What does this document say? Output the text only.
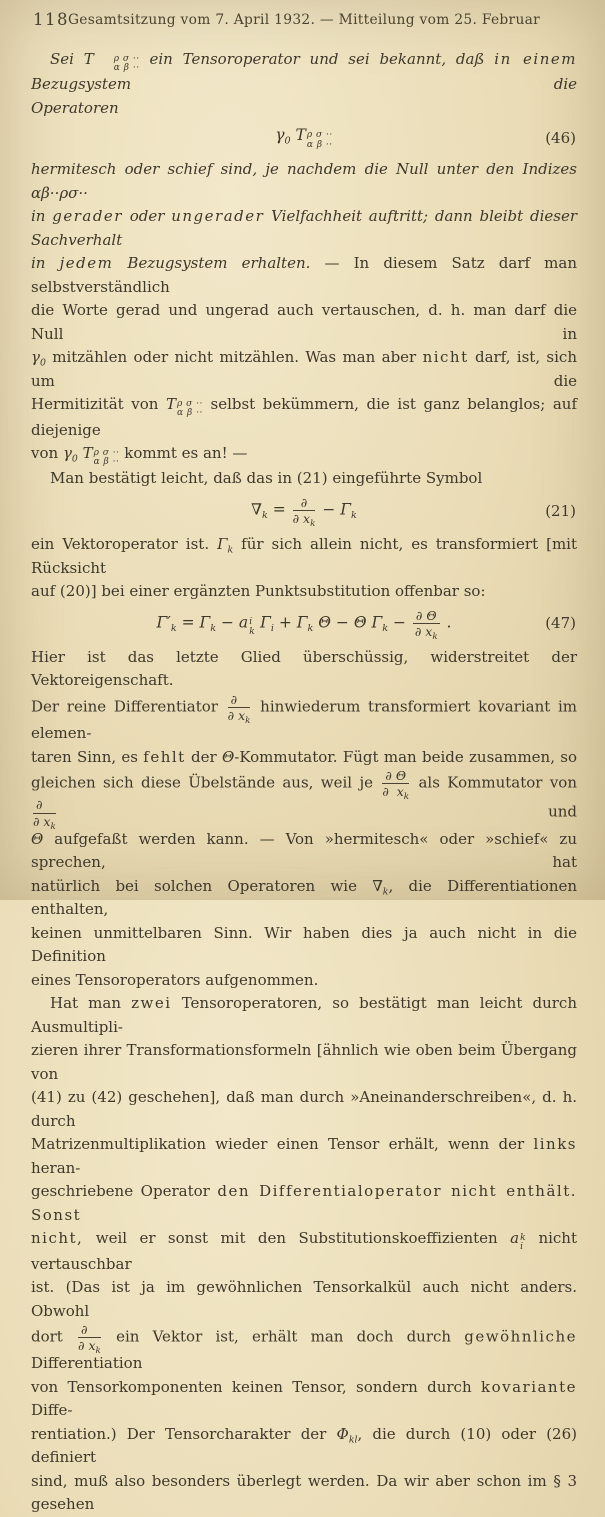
118
Gesamtsitzung vom 7. April 1932. — Mitteilung vom 25. Februar
Sei T	ρ σ ··
α β ·· ein Tensoroperator und sei bekannt, daß in einem Bezugsystem die
Operatoren
$\gamma_0$ T ρ σ ··
α β ··	(46)
hermitesch oder schief sind, je nachdem die Null unter den Indizes αβ··ρσ··
in gerader oder ungerader Vielfachheit auftritt; dann bleibt dieser Sachverhalt
in jedem Bezugsystem erhalten. — In diesem Satz darf man selbstverständlich
die Worte gerad und ungerad auch vertauschen, d. h. man darf die Null in
$\gamma_0$ mitzählen oder nicht mitzählen. Was man aber nicht darf, ist, sich um die
Hermitizität von T ρ σ ··
α β ·· selbst bekümmern, die ist ganz belanglos; auf diejenige
von $\gamma_0$ T ρ σ ··
α β ·· kommt es an! —
Man bestätigt leicht, daß das in (21) eingeführte Symbol
$\nabla_k = \frac{\partial}{\partial x_k} - \Gamma_k$	(21)
ein Vektoroperator ist. $\Gamma_k$ für sich allein nicht, es transformiert [mit Rücksicht
auf (20)] bei einer ergänzten Punktsubstitution offenbar so:
$\Gamma'_k = \Gamma_k - a$ i
k
$\Gamma_i + \Gamma_k$ Θ − Θ $\Gamma_k - \frac{\partial \Theta}{\partial x_k}$ .	(47)
Hier ist das letzte Glied überschüssig, widerstreitet der Vektoreigenschaft.
Der reine Differentiator $\frac{\partial}{\partial x_k}$ hinwiederum transformiert kovariant im elemen-
taren Sinn, es fehlt der Θ-Kommutator. Fügt man beide zusammen, so
gleichen sich diese Übelstände aus, weil je $\frac{\partial \Theta}{\partial x_k}$ als Kommutator von
$\frac{\partial}{\partial x_k}$ und
Θ aufgefaßt werden kann. — Von »hermitesch« oder »schief« zu sprechen, hat
natürlich bei solchen Operatoren wie $\nabla_k$, die Differentiationen enthalten,
keinen unmittelbaren Sinn. Wir haben dies ja auch nicht in die Definition
eines Tensoroperators aufgenommen.
Hat man zwei Tensoroperatoren, so bestätigt man leicht durch Ausmultipli-
zieren ihrer Transformationsformeln [ähnlich wie oben beim Übergang von
(41) zu (42) geschehen], daß man durch »Aneinanderschreiben«, d. h. durch
Matrizenmultiplikation wieder einen Tensor erhält, wenn der links heran-
geschriebene Operator den Differentialoperator nicht enthält. Sonst
nicht, weil er sonst mit den Substitutionskoeffizienten a k
i nicht vertauschbar
ist. (Das ist ja im gewöhnlichen Tensorkalkül auch nicht anders. Obwohl
dort $\frac{\partial}{\partial x_k}$ ein Vektor ist, erhält man doch durch gewöhnliche Differentiation
von Tensorkomponenten keinen Tensor, sondern durch kovariante Diffe-
rentiation.) Der Tensorcharakter der $\Phi_{kl}$, die durch (10) oder (26) definiert
sind, muß also besonders überlegt werden. Da wir aber schon im § 3 gesehen
